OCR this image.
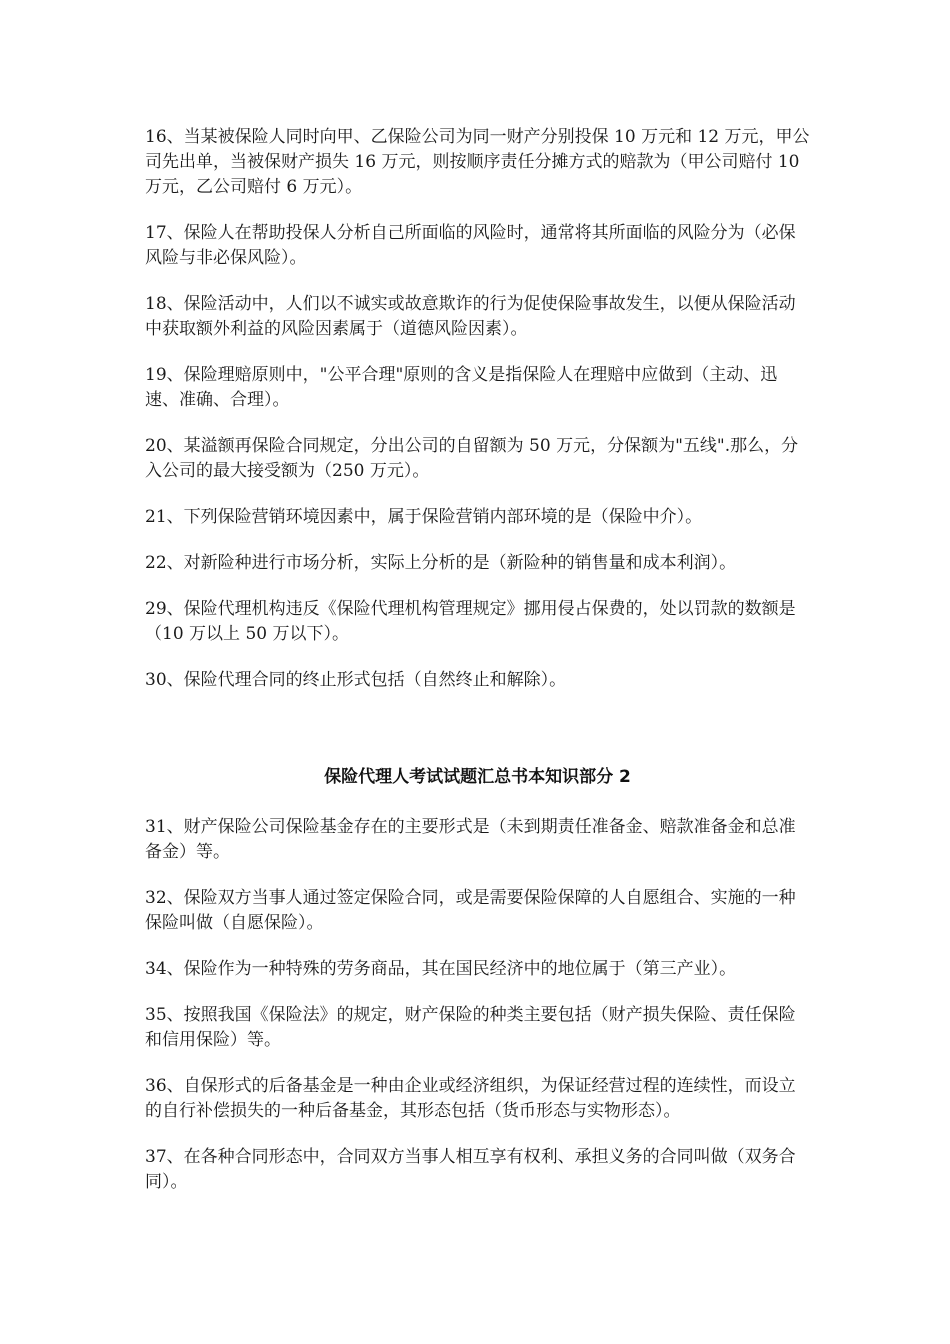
16、当某被保险人同时向甲、乙保险公司为同一财产分别投保 10 万元和 12 万元，甲公司先出单，当被保财产损失 16 万元，则按顺序责任分摊方式的赔款为（甲公司赔付 10 万元，乙公司赔付 6 万元）。

17、保险人在帮助投保人分析自己所面临的风险时，通常将其所面临的风险分为（必保风险与非必保风险）。

18、保险活动中，人们以不诚实或故意欺诈的行为促使保险事故发生，以便从保险活动中获取额外利益的风险因素属于（道德风险因素）。

19、保险理赔原则中，"公平合理"原则的含义是指保险人在理赔中应做到（主动、迅速、准确、合理）。

20、某溢额再保险合同规定，分出公司的自留额为 50 万元，分保额为"五线".那么，分入公司的最大接受额为（250 万元）。

21、下列保险营销环境因素中，属于保险营销内部环境的是（保险中介）。

22、对新险种进行市场分析，实际上分析的是（新险种的销售量和成本利润）。

29、保险代理机构违反《保险代理机构管理规定》挪用侵占保费的，处以罚款的数额是（10 万以上 50 万以下）。

30、保险代理合同的终止形式包括（自然终止和解除）。

保险代理人考试试题汇总书本知识部分 2

31、财产保险公司保险基金存在的主要形式是（未到期责任准备金、赔款准备金和总准备金）等。

32、保险双方当事人通过签定保险合同，或是需要保险保障的人自愿组合、实施的一种保险叫做（自愿保险）。

34、保险作为一种特殊的劳务商品，其在国民经济中的地位属于（第三产业）。

35、按照我国《保险法》的规定，财产保险的种类主要包括（财产损失保险、责任保险和信用保险）等。

36、自保形式的后备基金是一种由企业或经济组织，为保证经营过程的连续性，而设立的自行补偿损失的一种后备基金，其形态包括（货币形态与实物形态）。

37、在各种合同形态中，合同双方当事人相互享有权利、承担义务的合同叫做（双务合同）。
